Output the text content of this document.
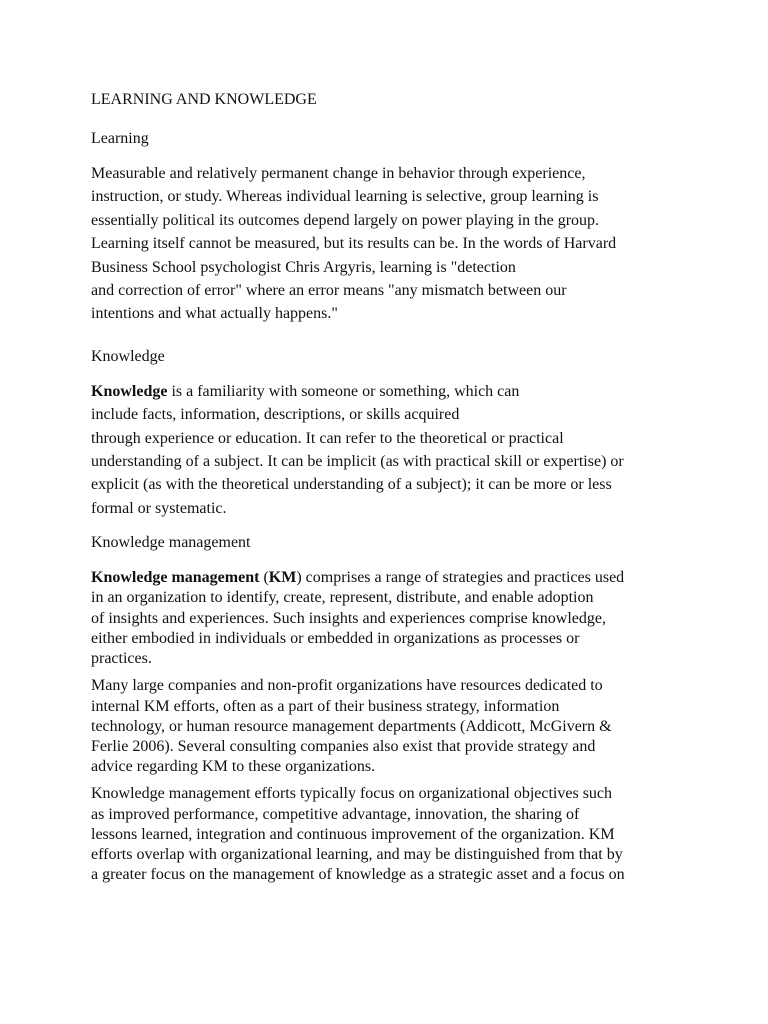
LEARNING AND KNOWLEDGE

Learning

Measurable and relatively permanent change in behavior through experience,
instruction, or study. Whereas individual learning is selective, group learning is
essentially political its outcomes depend largely on power playing in the group.
Learning itself cannot be measured, but its results can be. In the words of Harvard
Business School psychologist Chris Argyris, learning is "detection
and correction of error" where an error means "any mismatch between our
intentions and what actually happens."

Knowledge

Knowledge is a familiarity with someone or something, which can
include facts, information, descriptions, or skills acquired
through experience or education. It can refer to the theoretical or practical
understanding of a subject. It can be implicit (as with practical skill or expertise) or
explicit (as with the theoretical understanding of a subject); it can be more or less
formal or systematic.

Knowledge management

Knowledge management (KM) comprises a range of strategies and practices used
in an organization to identify, create, represent, distribute, and enable adoption
of insights and experiences. Such insights and experiences comprise knowledge,
either embodied in individuals or embedded in organizations as processes or
practices.

Many large companies and non-profit organizations have resources dedicated to
internal KM efforts, often as a part of their business strategy, information
technology, or human resource management departments (Addicott, McGivern &
Ferlie 2006). Several consulting companies also exist that provide strategy and
advice regarding KM to these organizations.

Knowledge management efforts typically focus on organizational objectives such
as improved performance, competitive advantage, innovation, the sharing of
lessons learned, integration and continuous improvement of the organization. KM
efforts overlap with organizational learning, and may be distinguished from that by
a greater focus on the management of knowledge as a strategic asset and a focus on
